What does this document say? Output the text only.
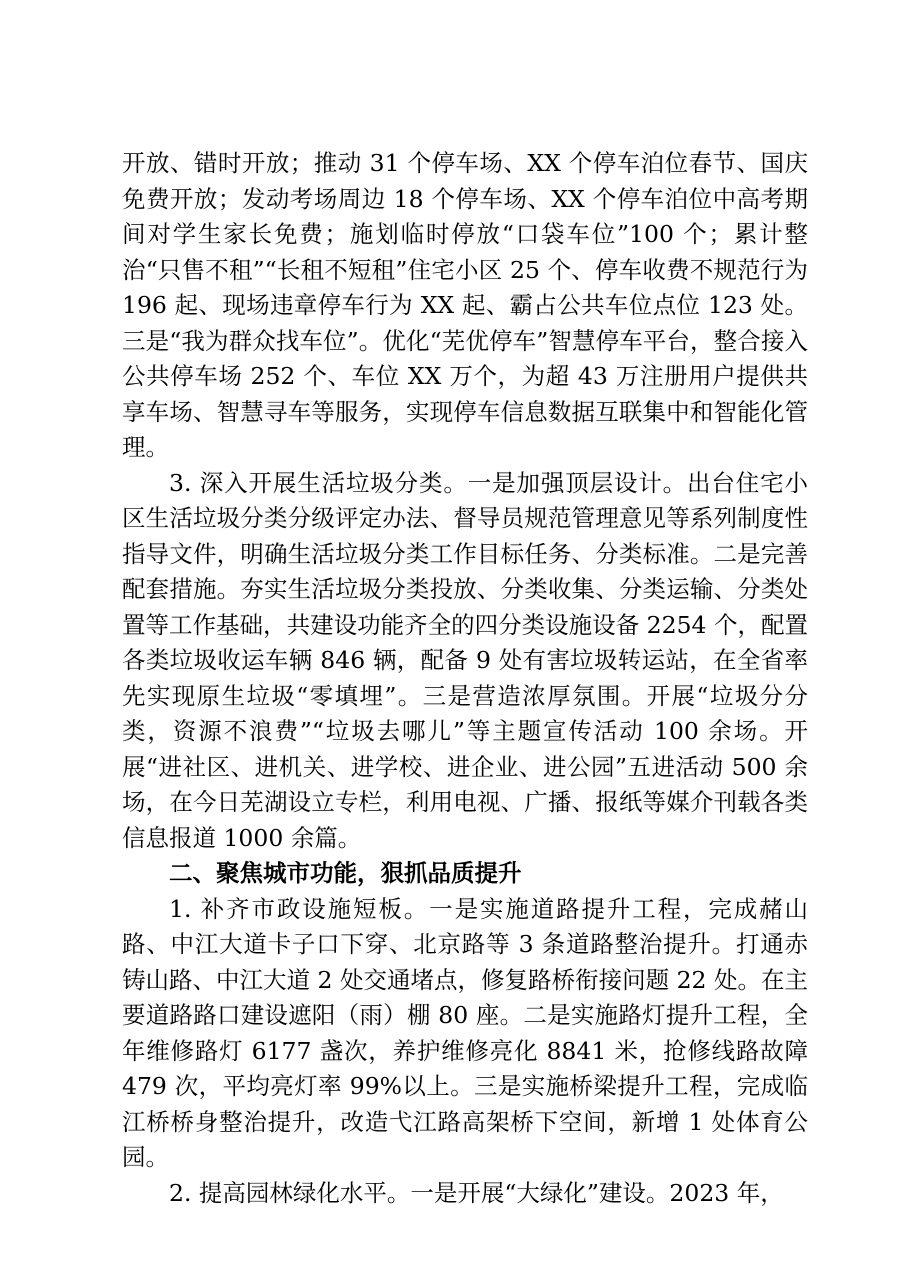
开放、错时开放；推动 31 个停车场、XX 个停车泊位春节、国庆免费开放；发动考场周边 18 个停车场、XX 个停车泊位中高考期间对学生家长免费；施划临时停放“口袋车位”100 个；累计整治“只售不租”“长租不短租”住宅小区 25 个、停车收费不规范行为 196 起、现场违章停车行为 XX 起、霸占公共车位点位 123 处。三是“我为群众找车位”。优化“芜优停车”智慧停车平台，整合接入公共停车场 252 个、车位 XX 万个，为超 43 万注册用户提供共享车场、智慧寻车等服务，实现停车信息数据互联集中和智能化管理。

3. 深入开展生活垃圾分类。一是加强顶层设计。出台住宅小区生活垃圾分类分级评定办法、督导员规范管理意见等系列制度性指导文件，明确生活垃圾分类工作目标任务、分类标准。二是完善配套措施。夯实生活垃圾分类投放、分类收集、分类运输、分类处置等工作基础，共建设功能齐全的四分类设施设备 2254 个，配置各类垃圾收运车辆 846 辆，配备 9 处有害垃圾转运站，在全省率先实现原生垃圾“零填埋”。三是营造浓厚氛围。开展“垃圾分分类，资源不浪费”“垃圾去哪儿”等主题宣传活动 100 余场。开展“进社区、进机关、进学校、进企业、进公园”五进活动 500 余场，在今日芜湖设立专栏，利用电视、广播、报纸等媒介刊载各类信息报道 1000 余篇。

二、聚焦城市功能，狠抓品质提升

1. 补齐市政设施短板。一是实施道路提升工程，完成赭山路、中江大道卡子口下穿、北京路等 3 条道路整治提升。打通赤铸山路、中江大道 2 处交通堵点，修复路桥衔接问题 22 处。在主要道路路口建设遮阳（雨）棚 80 座。二是实施路灯提升工程，全年维修路灯 6177 盏次，养护维修亮化 8841 米，抢修线路故障 479 次，平均亮灯率 99%以上。三是实施桥梁提升工程，完成临江桥桥身整治提升，改造弋江路高架桥下空间，新增 1 处体育公园。

2. 提高园林绿化水平。一是开展“大绿化”建设。2023 年，
